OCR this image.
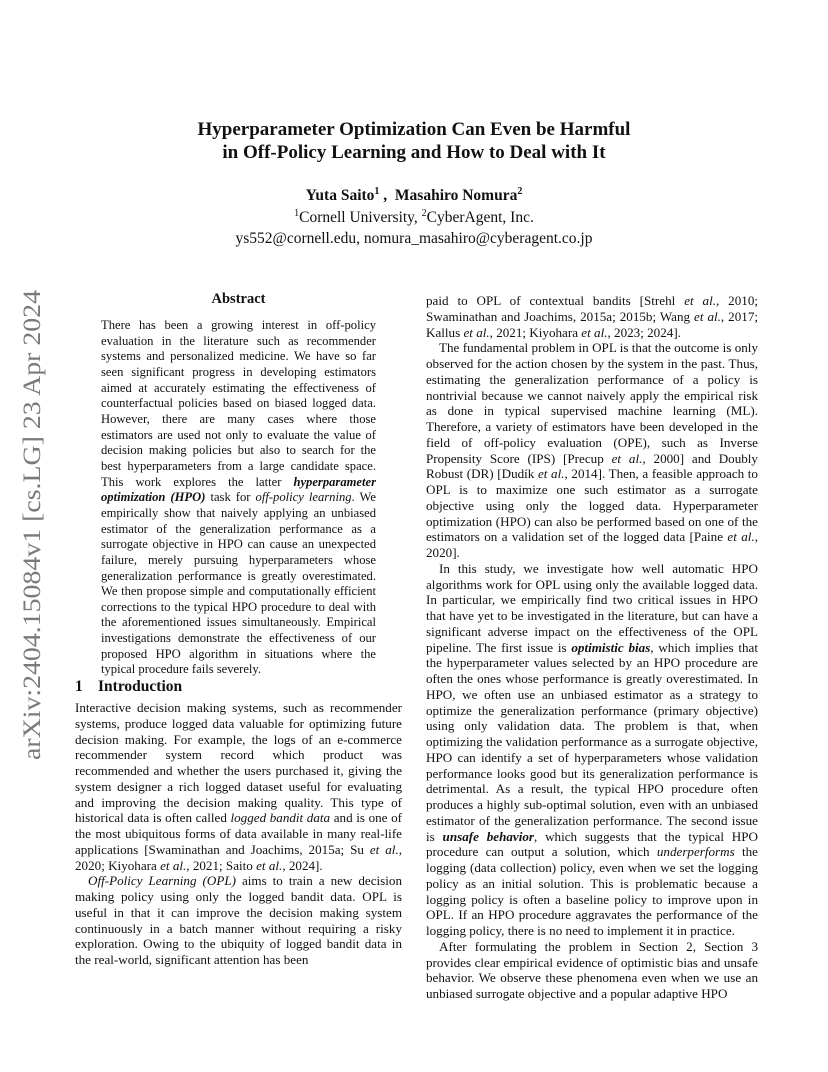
arXiv:2404.15084v1 [cs.LG] 23 Apr 2024
Hyperparameter Optimization Can Even be Harmful
in Off-Policy Learning and How to Deal with It
Yuta Saito$^1$ ,  Masahiro Nomura$^2$
$^1$Cornell University, $^2$CyberAgent, Inc.
ys552@cornell.edu, nomura_masahiro@cyberagent.co.jp
Abstract
There has been a growing interest in off-policy evaluation in the literature such as recommender systems and personalized medicine. We have so far seen significant progress in developing estimators aimed at accurately estimating the effectiveness of counterfactual policies based on biased logged data. However, there are many cases where those estimators are used not only to evaluate the value of decision making policies but also to search for the best hyperparameters from a large candidate space. This work explores the latter hyperparameter optimization (HPO) task for off-policy learning. We empirically show that naively applying an unbiased estimator of the generalization performance as a surrogate objective in HPO can cause an unexpected failure, merely pursuing hyperparameters whose generalization performance is greatly overestimated. We then propose simple and computationally efficient corrections to the typical HPO procedure to deal with the aforementioned issues simultaneously. Empirical investigations demonstrate the effectiveness of our proposed HPO algorithm in situations where the typical procedure fails severely.
1 Introduction

Interactive decision making systems, such as recommender systems, produce logged data valuable for optimizing future decision making. For example, the logs of an e-commerce recommender system record which product was recommended and whether the users purchased it, giving the system designer a rich logged dataset useful for evaluating and improving the decision making quality. This type of historical data is often called logged bandit data and is one of the most ubiquitous forms of data available in many real-life applications [Swaminathan and Joachims, 2015a; Su et al., 2020; Kiyohara et al., 2021; Saito et al., 2024].

Off-Policy Learning (OPL) aims to train a new decision making policy using only the logged bandit data. OPL is useful in that it can improve the decision making system continuously in a batch manner without requiring a risky exploration. Owing to the ubiquity of logged bandit data in the real-world, significant attention has been

paid to OPL of contextual bandits [Strehl et al., 2010; Swaminathan and Joachims, 2015a; 2015b; Wang et al., 2017; Kallus et al., 2021; Kiyohara et al., 2023; 2024].

The fundamental problem in OPL is that the outcome is only observed for the action chosen by the system in the past. Thus, estimating the generalization performance of a policy is nontrivial because we cannot naively apply the empirical risk as done in typical supervised machine learning (ML). Therefore, a variety of estimators have been developed in the field of off-policy evaluation (OPE), such as Inverse Propensity Score (IPS) [Precup et al., 2000] and Doubly Robust (DR) [Dudík et al., 2014]. Then, a feasible approach to OPL is to maximize one such estimator as a surrogate objective using only the logged data. Hyperparameter optimization (HPO) can also be performed based on one of the estimators on a validation set of the logged data [Paine et al., 2020].

In this study, we investigate how well automatic HPO algorithms work for OPL using only the available logged data. In particular, we empirically find two critical issues in HPO that have yet to be investigated in the literature, but can have a significant adverse impact on the effectiveness of the OPL pipeline. The first issue is optimistic bias, which implies that the hyperparameter values selected by an HPO procedure are often the ones whose performance is greatly overestimated. In HPO, we often use an unbiased estimator as a strategy to optimize the generalization performance (primary objective) using only validation data. The problem is that, when optimizing the validation performance as a surrogate objective, HPO can identify a set of hyperparameters whose validation performance looks good but its generalization performance is detrimental. As a result, the typical HPO procedure often produces a highly sub-optimal solution, even with an unbiased estimator of the generalization performance. The second issue is unsafe behavior, which suggests that the typical HPO procedure can output a solution, which underperforms the logging (data collection) policy, even when we set the logging policy as an initial solution. This is problematic because a logging policy is often a baseline policy to improve upon in OPL. If an HPO procedure aggravates the performance of the logging policy, there is no need to implement it in practice.

After formulating the problem in Section 2, Section 3 provides clear empirical evidence of optimistic bias and unsafe behavior. We observe these phenomena even when we use an unbiased surrogate objective and a popular adaptive HPO
